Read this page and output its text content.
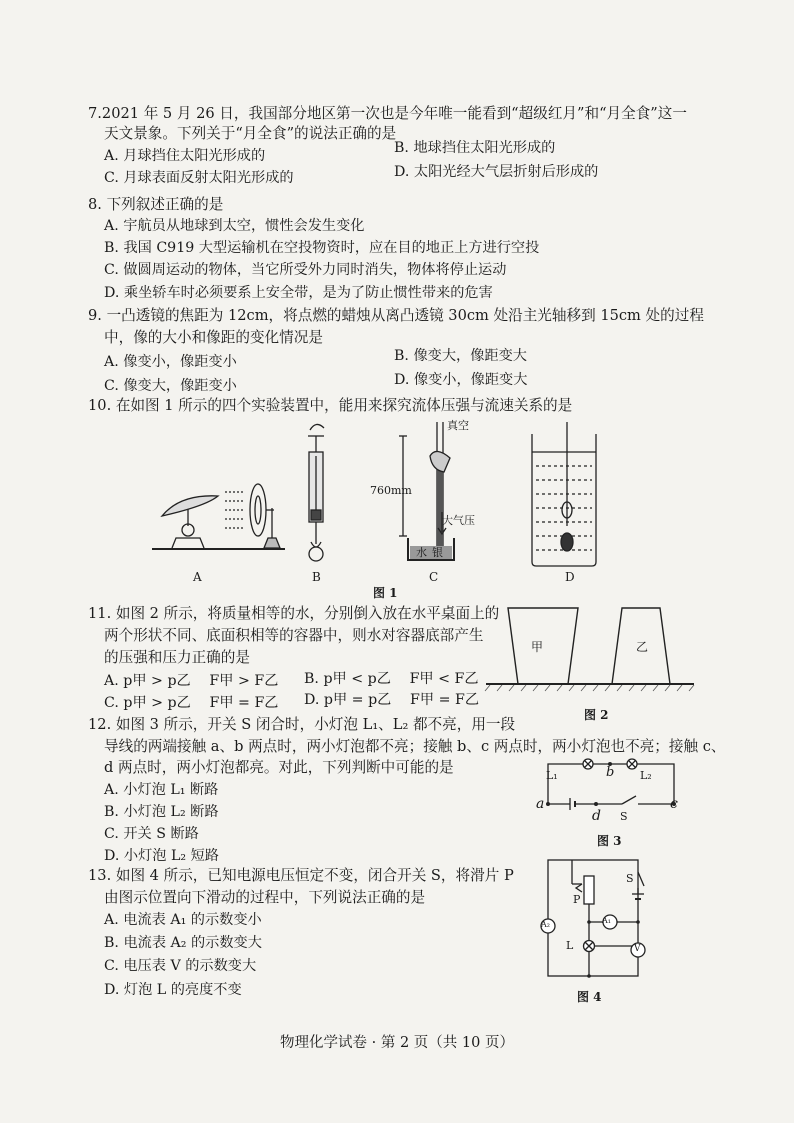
7.2021 年 5 月 26 日，我国部分地区第一次也是今年唯一能看到“超级红月”和“月全食”这一
天文景象。下列关于“月全食”的说法正确的是
A. 月球挡住太阳光形成的	B. 地球挡住太阳光形成的
C. 月球表面反射太阳光形成的	D. 太阳光经大气层折射后形成的
8. 下列叙述正确的是
A. 宇航员从地球到太空，惯性会发生变化
B. 我国 C919 大型运输机在空投物资时，应在目的地正上方进行空投
C. 做圆周运动的物体，当它所受外力同时消失，物体将停止运动
D. 乘坐轿车时必须要系上安全带，是为了防止惯性带来的危害
9. 一凸透镜的焦距为 12cm，将点燃的蜡烛从离凸透镜 30cm 处沿主光轴移到 15cm 处的过程
中，像的大小和像距的变化情况是
A. 像变小，像距变小	B. 像变大，像距变大
C. 像变大，像距变小	D. 像变小，像距变大
10. 在如图 1 所示的四个实验装置中，能用来探究流体压强与流速关系的是
A	B	C	D
真空
760mm
大气压
水 银
图 1
11. 如图 2 所示，将质量相等的水，分别倒入放在水平桌面上的
两个形状不同、底面积相等的容器中，则水对容器底部产生
的压强和压力正确的是
A. p甲 > p乙　 F甲 > F乙 B. p甲 < p乙　 F甲 < F乙
C. p甲 > p乙　 F甲 = F乙 D. p甲 = p乙　 F甲 = F乙
甲	乙
图 2
12. 如图 3 所示，开关 S 闭合时，小灯泡 L₁、L₂ 都不亮，用一段
导线的两端接触 a、b 两点时，两小灯泡都不亮；接触 b、c 两点时，两小灯泡也不亮；接触 c、
d 两点时，两小灯泡都亮。对此，下列判断中可能的是
A. 小灯泡 L₁ 断路
B. 小灯泡 L₂ 断路
C. 开关 S 断路
D. 小灯泡 L₂ 短路
L₁	b L₂
a	c
d S
图 3
13. 如图 4 所示，已知电源电压恒定不变，闭合开关 S，将滑片 P
由图示位置向下滑动的过程中，下列说法正确的是
A. 电流表 A₁ 的示数变小
B. 电流表 A₂ 的示数变大
C. 电压表 V 的示数变大
D. 灯泡 L 的亮度不变
S
P
L
A₁
A₂
V
图 4
物理化学试卷 · 第 2 页（共 10 页）
